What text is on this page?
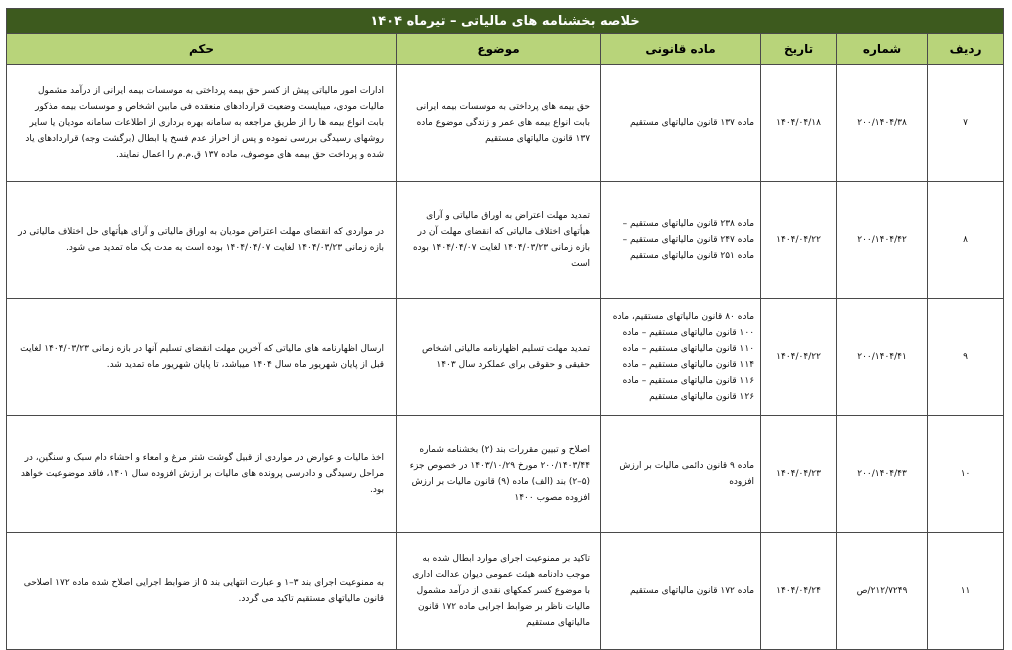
خلاصه بخشنامه های مالیاتی – تیرماه ۱۴۰۴					
ردیف	شماره	تاریخ	ماده قانونی	موضوع	حکم
۷	۲۰۰/۱۴۰۴/۳۸	۱۴۰۴/۰۴/۱۸	ماده ۱۳۷ قانون مالیاتهای مستقیم	حق بیمه های پرداختی به موسسات بیمه ایرانی بابت انواع بیمه های عمر و زندگی موضوع ماده ۱۳۷ قانون مالیاتهای مستقیم	ادارات امور مالیاتی پیش از کسر حق بیمه پرداختی به موسسات بیمه ایرانی از درآمد مشمول مالیات مودی، میبایست وضعیت قراردادهای منعقده فی مابین اشخاص و موسسات بیمه مذکور بابت انواع بیمه ها را از طریق مراجعه به سامانه بهره برداری از اطلاعات سامانه مودیان یا سایر روشهای رسیدگی بررسی نموده و پس از احراز عدم فسخ یا ابطال (برگشت وجه) قراردادهای یاد شده و پرداخت حق بیمه های موصوف، ماده ۱۳۷ ق.م.م را اعمال نمایند.
۸	۲۰۰/۱۴۰۴/۴۲	۱۴۰۴/۰۴/۲۲	ماده ۲۳۸ قانون مالیاتهای مستقیم – ماده ۲۴۷ قانون مالیاتهای مستقیم – ماده ۲۵۱ قانون مالیاتهای مستقیم	تمدید مهلت اعتراض به اوراق مالیاتی و آرای هیأتهای اختلاف مالیاتی که انقضای مهلت آن در بازه زمانی ۱۴۰۴/۰۳/۲۳ لغایت ۱۴۰۴/۰۴/۰۷ بوده است	در مواردی که انقضای مهلت اعتراض مودیان به اوراق مالیاتی و آرای هیأتهای حل اختلاف مالیاتی در بازه زمانی ۱۴۰۴/۰۳/۲۳ لغایت ۱۴۰۴/۰۴/۰۷ بوده است به مدت یک ماه تمدید می شود.
۹	۲۰۰/۱۴۰۴/۴۱	۱۴۰۴/۰۴/۲۲	ماده ۸۰ قانون مالیاتهای مستقیم، ماده ۱۰۰ قانون مالیاتهای مستقیم – ماده ۱۱۰ قانون مالیاتهای مستقیم – ماده ۱۱۴ قانون مالیاتهای مستقیم – ماده ۱۱۶ قانون مالیاتهای مستقیم – ماده ۱۲۶ قانون مالیاتهای مستقیم	تمدید مهلت تسلیم اظهارنامه مالیاتی اشخاص حقیقی و حقوقی برای عملکرد سال ۱۴۰۳	ارسال اظهارنامه های مالیاتی که آخرین مهلت انقضای تسلیم آنها در بازه زمانی ۱۴۰۴/۰۳/۲۳ لغایت قبل از پایان شهریور ماه سال ۱۴۰۴ میباشد، تا پایان شهریور ماه تمدید شد.
۱۰	۲۰۰/۱۴۰۴/۴۳	۱۴۰۴/۰۴/۲۳	ماده ۹ قانون دائمی مالیات بر ارزش افزوده	اصلاح و تبیین مقررات بند (۲) بخشنامه شماره ۲۰۰/۱۴۰۳/۴۴ مورخ ۱۴۰۳/۱۰/۲۹ در خصوص جزء (۵–۲) بند (الف) ماده (۹) قانون مالیات بر ارزش افزوده مصوب ۱۴۰۰	اخذ مالیات و عوارض در مواردی از قبیل گوشت شتر مرغ و امعاء و احشاء دام سبک و سنگین، در مراحل رسیدگی و دادرسی پرونده های مالیات بر ارزش افزوده سال ۱۴۰۱، فاقد موضوعیت خواهد بود.
۱۱	۲۱۲/۷۲۴۹/ص	۱۴۰۴/۰۴/۲۴	ماده ۱۷۲ قانون مالیاتهای مستقیم	تاکید بر ممنوعیت اجرای موارد ابطال شده به موجب دادنامه هیئت عمومی دیوان عدالت اداری با موضوع کسر کمکهای نقدی از درآمد مشمول مالیات ناظر بر ضوابط اجرایی ماده ۱۷۲ قانون مالیاتهای مستقیم	به ممنوعیت اجرای بند ۳–۱ و عبارت انتهایی بند ۵ از ضوابط اجرایی اصلاح شده ماده ۱۷۲ اصلاحی قانون مالیاتهای مستقیم تاکید می گردد.
